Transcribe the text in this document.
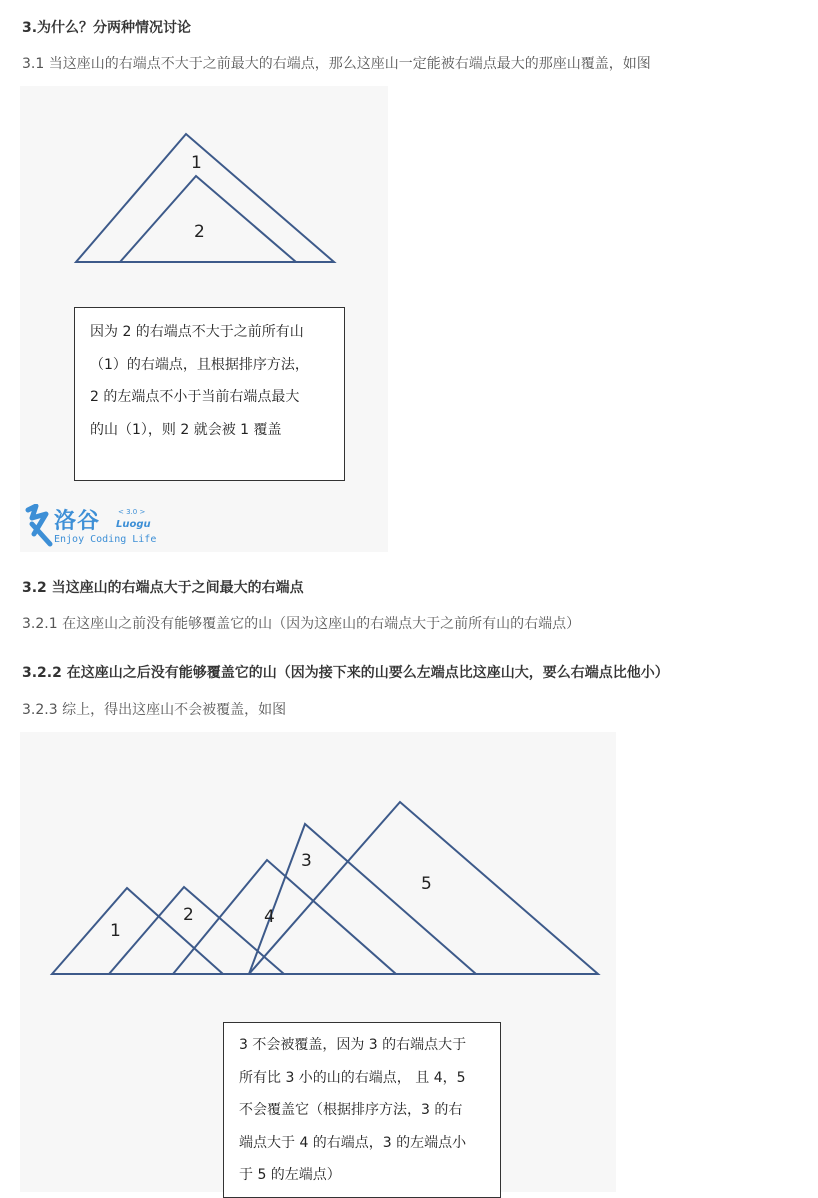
3.为什么？分两种情况讨论
3.1 当这座山的右端点不大于之前最大的右端点，那么这座山一定能被右端点最大的那座山覆盖，如图
1
2
因为 2 的右端点不大于之前所有山
（1）的右端点，且根据排序方法，
2 的左端点不小于当前右端点最大
的山（1），则 2 就会被 1 覆盖
洛谷	< 3.0 >
Luogu
Enjoy Coding Life
3.2 当这座山的右端点大于之间最大的右端点
3.2.1 在这座山之前没有能够覆盖它的山（因为这座山的右端点大于之前所有山的右端点）
3.2.2 在这座山之后没有能够覆盖它的山（因为接下来的山要么左端点比这座山大，要么右端点比他小）
3.2.3 综上，得出这座山不会被覆盖，如图
1
2
3
4
5
3 不会被覆盖，因为 3 的右端点大于
所有比 3 小的山的右端点， 且 4，5
不会覆盖它（根据排序方法，3 的右
端点大于 4 的右端点，3 的左端点小
于 5 的左端点）
